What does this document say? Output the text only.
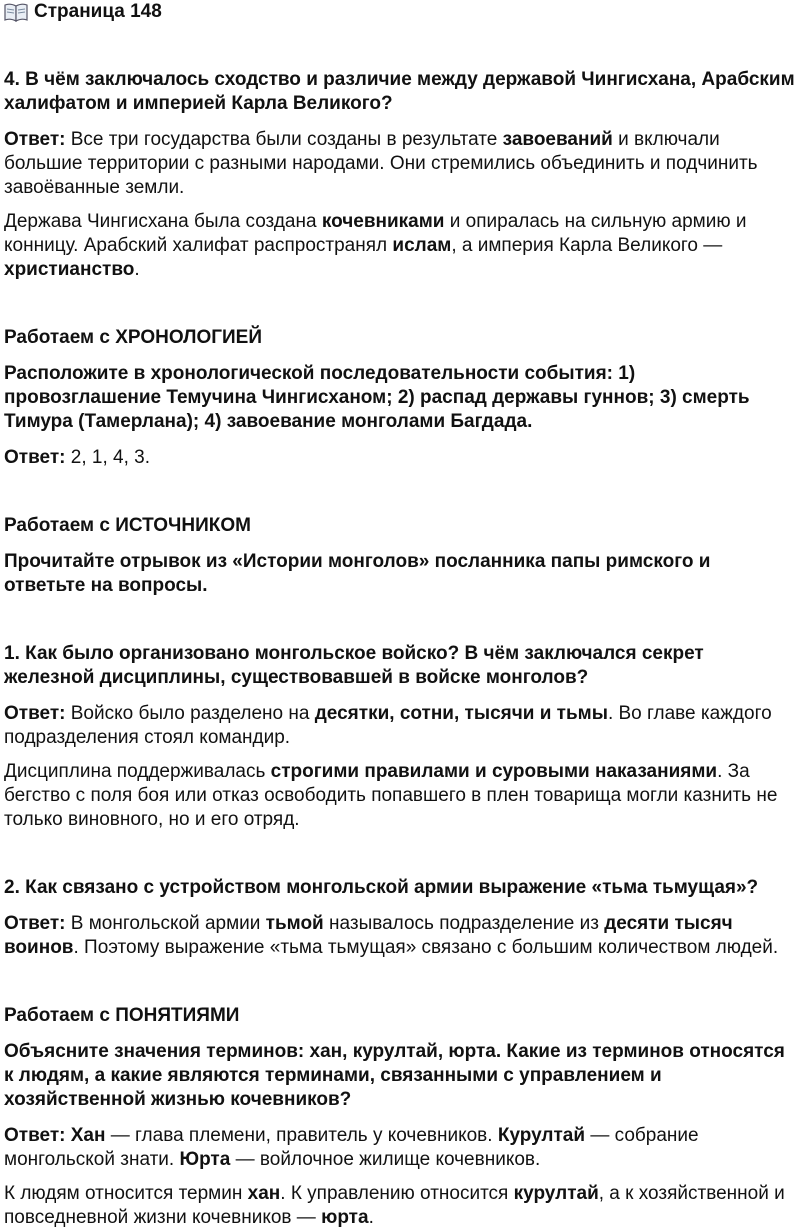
Страница 148

4. В чём заключалось сходство и различие между державой Чингисхана, Арабским халифатом и империей Карла Великого?

Ответ: Все три государства были созданы в результате завоеваний и включали большие территории с разными народами. Они стремились объединить и подчинить завоёванные земли.

Держава Чингисхана была создана кочевниками и опиралась на сильную армию и конницу. Арабский халифат распространял ислам, а империя Карла Великого — христианство.

Работаем с ХРОНОЛОГИЕЙ

Расположите в хронологической последовательности события: 1) провозглашение Темучина Чингисханом; 2) распад державы гуннов; 3) смерть Тимура (Тамерлана); 4) завоевание монголами Багдада.

Ответ: 2, 1, 4, 3.

Работаем с ИСТОЧНИКОМ

Прочитайте отрывок из «Истории монголов» посланника папы римского и ответьте на вопросы.

1. Как было организовано монгольское войско? В чём заключался секрет железной дисциплины, существовавшей в войске монголов?

Ответ: Войско было разделено на десятки, сотни, тысячи и тьмы. Во главе каждого подразделения стоял командир.

Дисциплина поддерживалась строгими правилами и суровыми наказаниями. За бегство с поля боя или отказ освободить попавшего в плен товарища могли казнить не только виновного, но и его отряд.

2. Как связано с устройством монгольской армии выражение «тьма тьмущая»?

Ответ: В монгольской армии тьмой называлось подразделение из десяти тысяч воинов. Поэтому выражение «тьма тьмущая» связано с большим количеством людей.

Работаем с ПОНЯТИЯМИ

Объясните значения терминов: хан, курултай, юрта. Какие из терминов относятся к людям, а какие являются терминами, связанными с управлением и хозяйственной жизнью кочевников?

Ответ: Хан — глава племени, правитель у кочевников. Курултай — собрание монгольской знати. Юрта — войлочное жилище кочевников.

К людям относится термин хан. К управлению относится курултай, а к хозяйственной и повседневной жизни кочевников — юрта.
